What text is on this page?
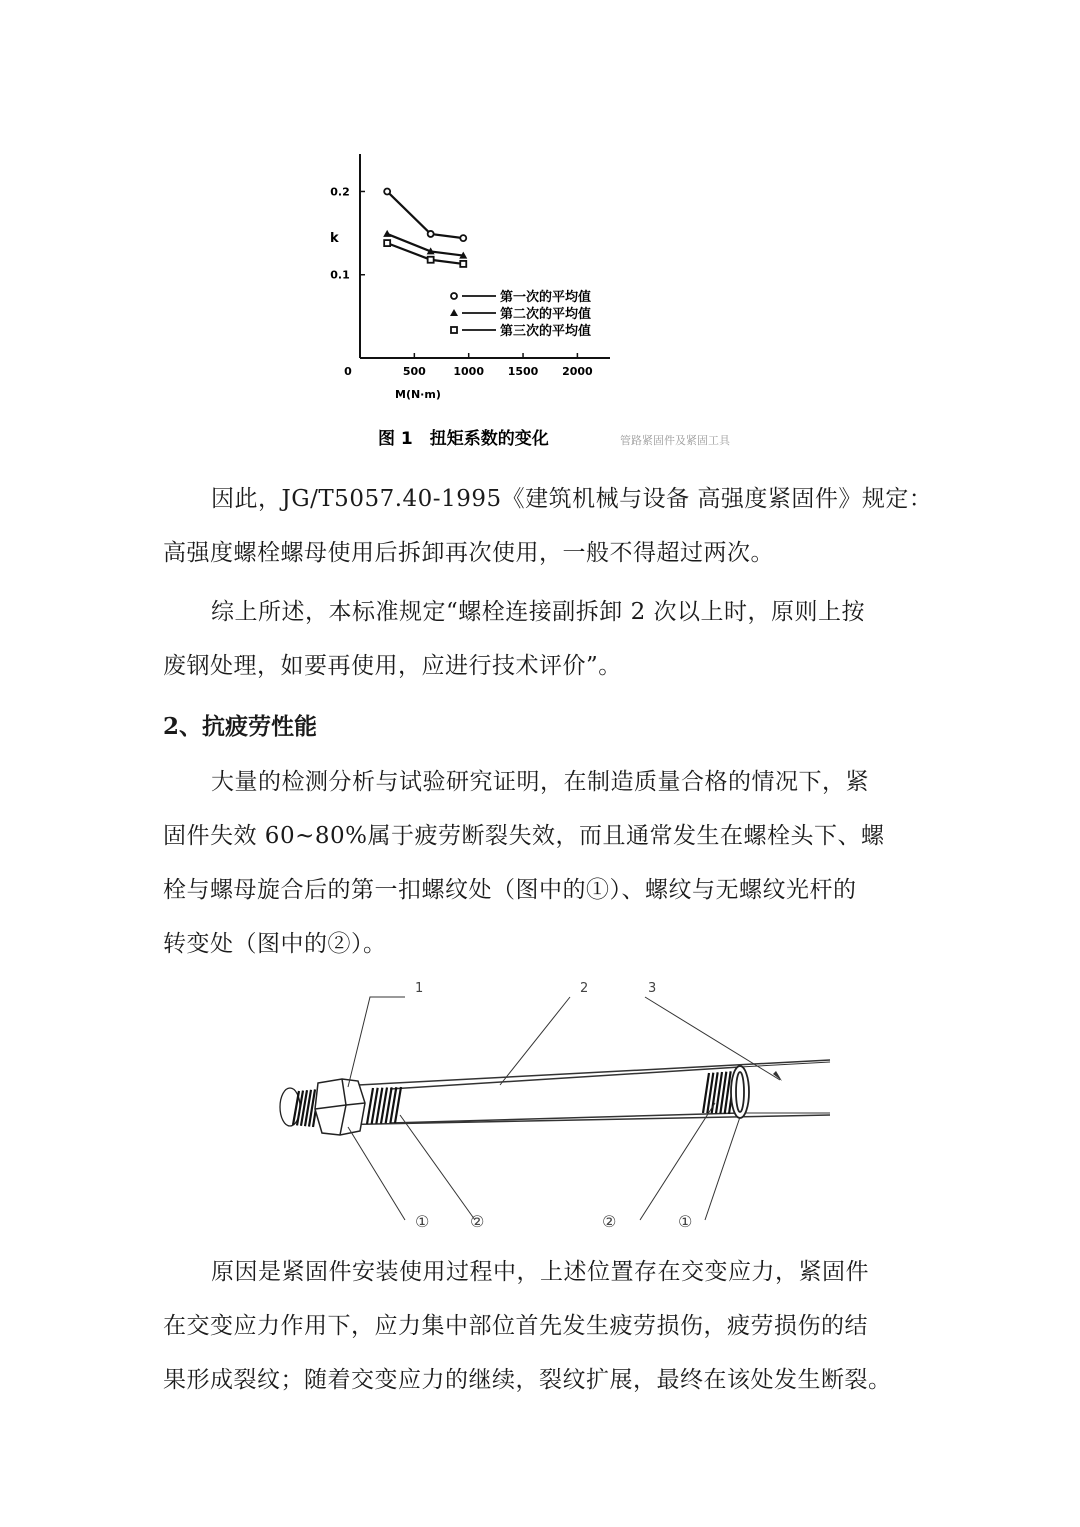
0	500	1000 1500 2000
0.1
0.2
第一次的平均值
第二次的平均值
第三次的平均值
k
M(N·m)
图 1　扭矩系数的变化	管路紧固件及紧固工具

因此，JG/T5057.40-1995《建筑机械与设备 高强度紧固件》规定：
高强度螺栓螺母使用后拆卸再次使用，一般不得超过两次。

综上所述，本标准规定“螺栓连接副拆卸 2 次以上时，原则上按
废钢处理，如要再使用，应进行技术评价”。

2、抗疲劳性能

大量的检测分析与试验研究证明，在制造质量合格的情况下，紧
固件失效 60~80%属于疲劳断裂失效，而且通常发生在螺栓头下、螺
栓与螺母旋合后的第一扣螺纹处（图中的①）、螺纹与无螺纹光杆的
转变处（图中的②）。

1	2	3
①	②	②	①

原因是紧固件安装使用过程中，上述位置存在交变应力，紧固件
在交变应力作用下，应力集中部位首先发生疲劳损伤，疲劳损伤的结
果形成裂纹；随着交变应力的继续，裂纹扩展，最终在该处发生断裂。
